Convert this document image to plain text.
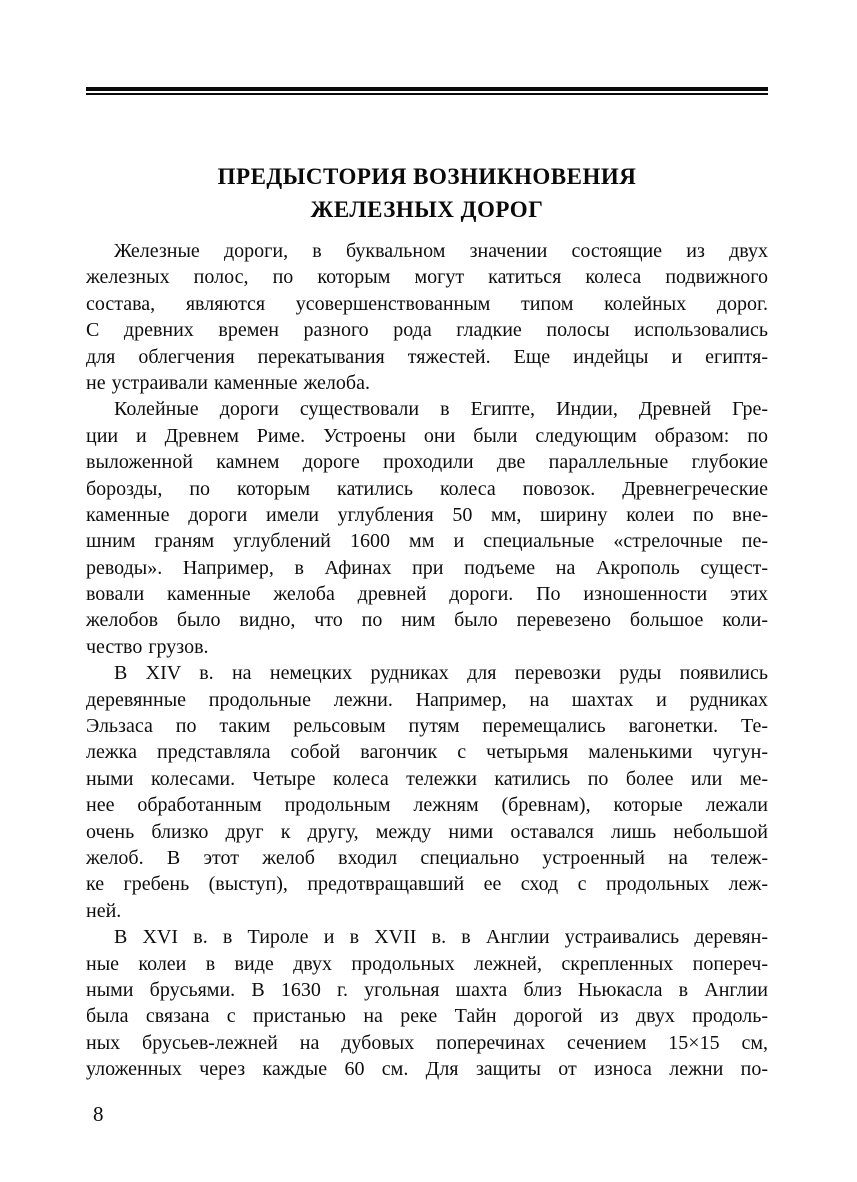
ПРЕДЫСТОРИЯ ВОЗНИКНОВЕНИЯ
ЖЕЛЕЗНЫХ ДОРОГ

Железные дороги, в буквальном значении состоящие из двух
железных полос, по которым могут катиться колеса подвижного
состава, являются усовершенствованным типом колейных дорог.
С древних времен разного рода гладкие полосы использовались
для облегчения перекатывания тяжестей. Еще индейцы и египтя-
не устраивали каменные желоба.

Колейные дороги существовали в Египте, Индии, Древней Гре-
ции и Древнем Риме. Устроены они были следующим образом: по
выложенной камнем дороге проходили две параллельные глубокие
борозды, по которым катились колеса повозок. Древнегреческие
каменные дороги имели углубления 50 мм, ширину колеи по вне-
шним граням углублений 1600 мм и специальные «стрелочные пе-
реводы». Например, в Афинах при подъеме на Акрополь сущест-
вовали каменные желоба древней дороги. По изношенности этих
желобов было видно, что по ним было перевезено большое коли-
чество грузов.

В XIV в. на немецких рудниках для перевозки руды появились
деревянные продольные лежни. Например, на шахтах и рудниках
Эльзаса по таким рельсовым путям перемещались вагонетки. Те-
лежка представляла собой вагончик с четырьмя маленькими чугун-
ными колесами. Четыре колеса тележки катились по более или ме-
нее обработанным продольным лежням (бревнам), которые лежали
очень близко друг к другу, между ними оставался лишь небольшой
желоб. В этот желоб входил специально устроенный на тележ-
ке гребень (выступ), предотвращавший ее сход с продольных леж-
ней.

В XVI в. в Тироле и в XVII в. в Англии устраивались деревян-
ные колеи в виде двух продольных лежней, скрепленных попереч-
ными брусьями. В 1630 г. угольная шахта близ Ньюкасла в Англии
была связана с пристанью на реке Тайн дорогой из двух продоль-
ных брусьев-лежней на дубовых поперечинах сечением 15×15 см,
уложенных через каждые 60 см. Для защиты от износа лежни по-

8
